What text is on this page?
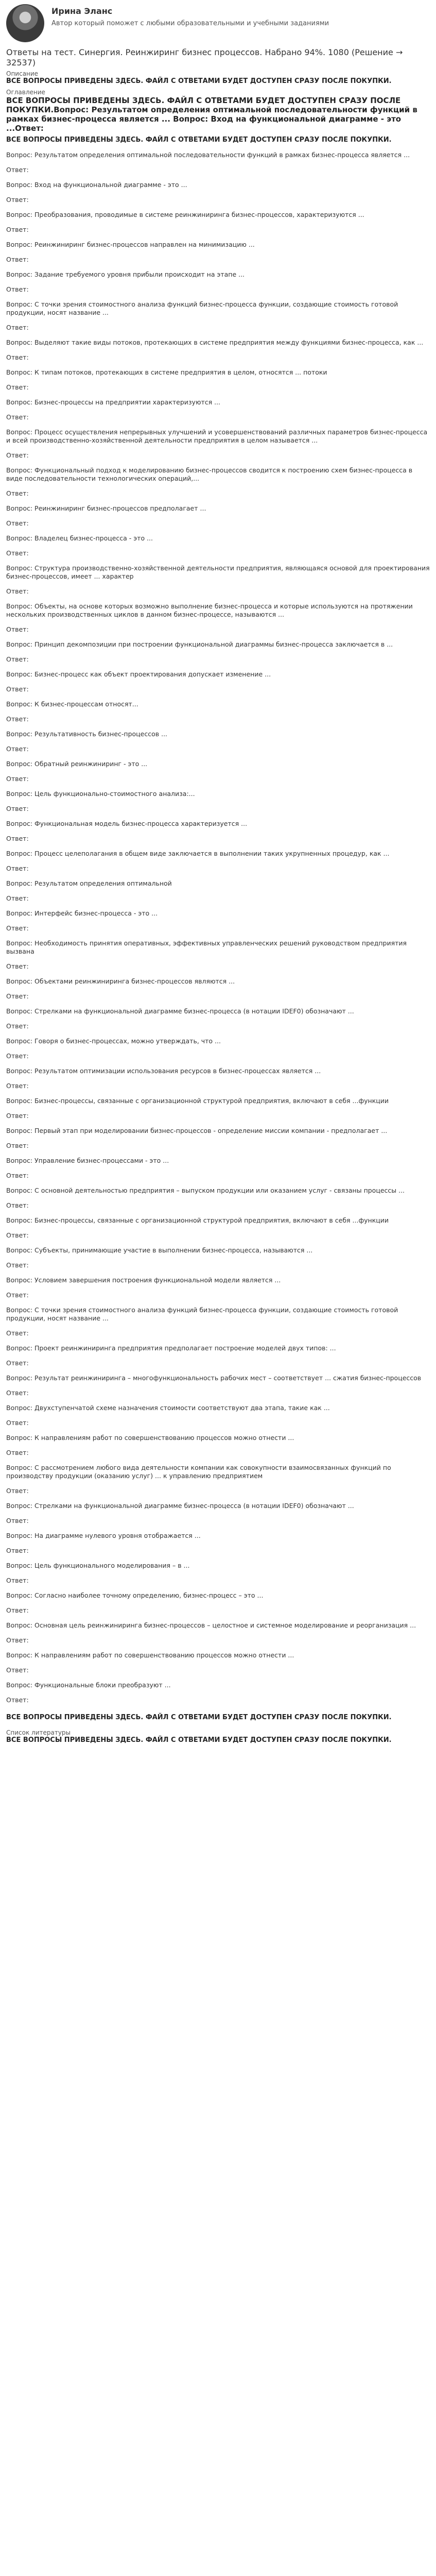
Ирина Эланс
Автор который поможет с любыми образовательными и учебными заданиями
Ответы на тест. Синергия. Реинжиринг бизнес процессов. Набрано 94%. 1080 (Решение → 32537)
Описание
ВСЕ ВОПРОСЫ ПРИВЕДЕНЫ ЗДЕСЬ. ФАЙЛ С ОТВЕТАМИ БУДЕТ ДОСТУПЕН СРАЗУ ПОСЛЕ ПОКУПКИ.
Оглавление
ВСЕ ВОПРОСЫ ПРИВЕДЕНЫ ЗДЕСЬ. ФАЙЛ С ОТВЕТАМИ БУДЕТ ДОСТУПЕН СРАЗУ ПОСЛЕ ПОКУПКИ.Вопрос: Результатом определения оптимальной последовательности функций в рамках бизнес-процесса является ... Вопрос: Вход на функциональной диаграмме - это ...Ответ:
ВСЕ ВОПРОСЫ ПРИВЕДЕНЫ ЗДЕСЬ. ФАЙЛ С ОТВЕТАМИ БУДЕТ ДОСТУПЕН СРАЗУ ПОСЛЕ ПОКУПКИ.
Вопрос: Результатом определения оптимальной последовательности функций в рамках бизнес-процесса является ...
Ответ:
Вопрос: Вход на функциональной диаграмме - это ...
Ответ:
Вопрос: Преобразования, проводимые в системе реинжиниринга бизнес-процессов, характеризуются ...
Ответ:
Вопрос: Реинжиниринг бизнес-процессов направлен на минимизацию ...
Ответ:
Вопрос: Задание требуемого уровня прибыли происходит на этапе ...
Ответ:
Вопрос: С точки зрения стоимостного анализа функций бизнес-процесса функции, создающие стоимость готовой продукции, носят название ...
Ответ:
Вопрос: Выделяют такие виды потоков, протекающих в системе предприятия между функциями бизнес-процесса, как ...
Ответ:
Вопрос: К типам потоков, протекающих в системе предприятия в целом, относятся ... потоки
Ответ:
Вопрос: Бизнес-процессы на предприятии характеризуются ...
Ответ:
Вопрос: Процесс осуществления непрерывных улучшений и усовершенствований различных параметров бизнес-процесса и всей производственно-хозяйственной деятельности предприятия в целом называется ...
Ответ:
Вопрос: Функциональный подход к моделированию бизнес-процессов сводится к построению схем бизнес-процесса в виде последовательности технологических операций,...
Ответ:
Вопрос: Реинжиниринг бизнес-процессов предполагает ...
Ответ:
Вопрос: Владелец бизнес-процесса - это ...
Ответ:
Вопрос: Структура производственно-хозяйственной деятельности предприятия, являющаяся основой для проектирования бизнес-процессов, имеет ... характер
Ответ:
Вопрос: Объекты, на основе которых возможно выполнение бизнес-процесса и которые используются на протяжении нескольких производственных циклов в данном бизнес-процессе, называются ...
Ответ:
Вопрос: Принцип декомпозиции при построении функциональной диаграммы бизнес-процесса заключается в ...
Ответ:
Вопрос: Бизнес-процесс как объект проектирования допускает изменение ...
Ответ:
Вопрос: К бизнес-процессам относят...
Ответ:
Вопрос: Результативность бизнес-процессов ...
Ответ:
Вопрос: Обратный реинжиниринг - это ...
Ответ:
Вопрос: Цель функционально-стоимостного анализа:...
Ответ:
Вопрос: Функциональная модель бизнес-процесса характеризуется ...
Ответ:
Вопрос: Процесс целеполагания в общем виде заключается в выполнении таких укрупненных процедур, как ...
Ответ:
Вопрос: Результатом определения оптимальной
Ответ:
Вопрос: Интерфейс бизнес-процесса - это ...
Ответ:
Вопрос: Необходимость принятия оперативных, эффективных управленческих решений руководством предприятия вызвана
Ответ:
Вопрос: Объектами реинжиниринга бизнес-процессов являются ...
Ответ:
Вопрос: Стрелками на функциональной диаграмме бизнес-процесса (в нотации IDEF0) обозначают ...
Ответ:
Вопрос: Говоря о бизнес-процессах, можно утверждать, что ...
Ответ:
Вопрос: Результатом оптимизации использования ресурсов в бизнес-процессах является ...
Ответ:
Вопрос: Бизнес-процессы, связанные с организационной структурой предприятия, включают в себя ...функции
Ответ:
Вопрос: Первый этап при моделировании бизнес-процессов - определение миссии компании - предполагает ...
Ответ:
Вопрос: Управление бизнес-процессами - это ...
Ответ:
Вопрос: С основной деятельностью предприятия – выпуском продукции или оказанием услуг - связаны процессы ...
Ответ:
Вопрос: Бизнес-процессы, связанные с организационной структурой предприятия, включают в себя ...функции
Ответ:
Вопрос: Субъекты, принимающие участие в выполнении бизнес-процесса, называются ...
Ответ:
Вопрос: Условием завершения построения функциональной модели является ...
Ответ:
Вопрос: С точки зрения стоимостного анализа функций бизнес-процесса функции, создающие стоимость готовой продукции, носят название ...
Ответ:
Вопрос: Проект реинжиниринга предприятия предполагает построение моделей двух типов: ...
Ответ:
Вопрос: Результат реинжиниринга – многофункциональность рабочих мест – соответствует ... сжатия бизнес-процессов
Ответ:
Вопрос: Двухступенчатой схеме назначения стоимости соответствуют два этапа, такие как ...
Ответ:
Вопрос: К направлениям работ по совершенствованию процессов можно отнести ...
Ответ:
Вопрос: С рассмотрением любого вида деятельности компании как совокупности взаимосвязанных функций по производству продукции (оказанию услуг) ... к управлению предприятием
Ответ:
Вопрос: Стрелками на функциональной диаграмме бизнес-процесса (в нотации IDEF0) обозначают ...
Ответ:
Вопрос: На диаграмме нулевого уровня отображается ...
Ответ:
Вопрос: Цель функционального моделирования – в ...
Ответ:
Вопрос: Согласно наиболее точному определению, бизнес-процесс – это ...
Ответ:
Вопрос: Основная цель реинжиниринга бизнес-процессов – целостное и системное моделирование и реорганизация ...
Ответ:
Вопрос: К направлениям работ по совершенствованию процессов можно отнести ...
Ответ:
Вопрос: Функциональные блоки преобразуют ...
Ответ:
ВСЕ ВОПРОСЫ ПРИВЕДЕНЫ ЗДЕСЬ. ФАЙЛ С ОТВЕТАМИ БУДЕТ ДОСТУПЕН СРАЗУ ПОСЛЕ ПОКУПКИ.
Список литературы
ВСЕ ВОПРОСЫ ПРИВЕДЕНЫ ЗДЕСЬ. ФАЙЛ С ОТВЕТАМИ БУДЕТ ДОСТУПЕН СРАЗУ ПОСЛЕ ПОКУПКИ.
